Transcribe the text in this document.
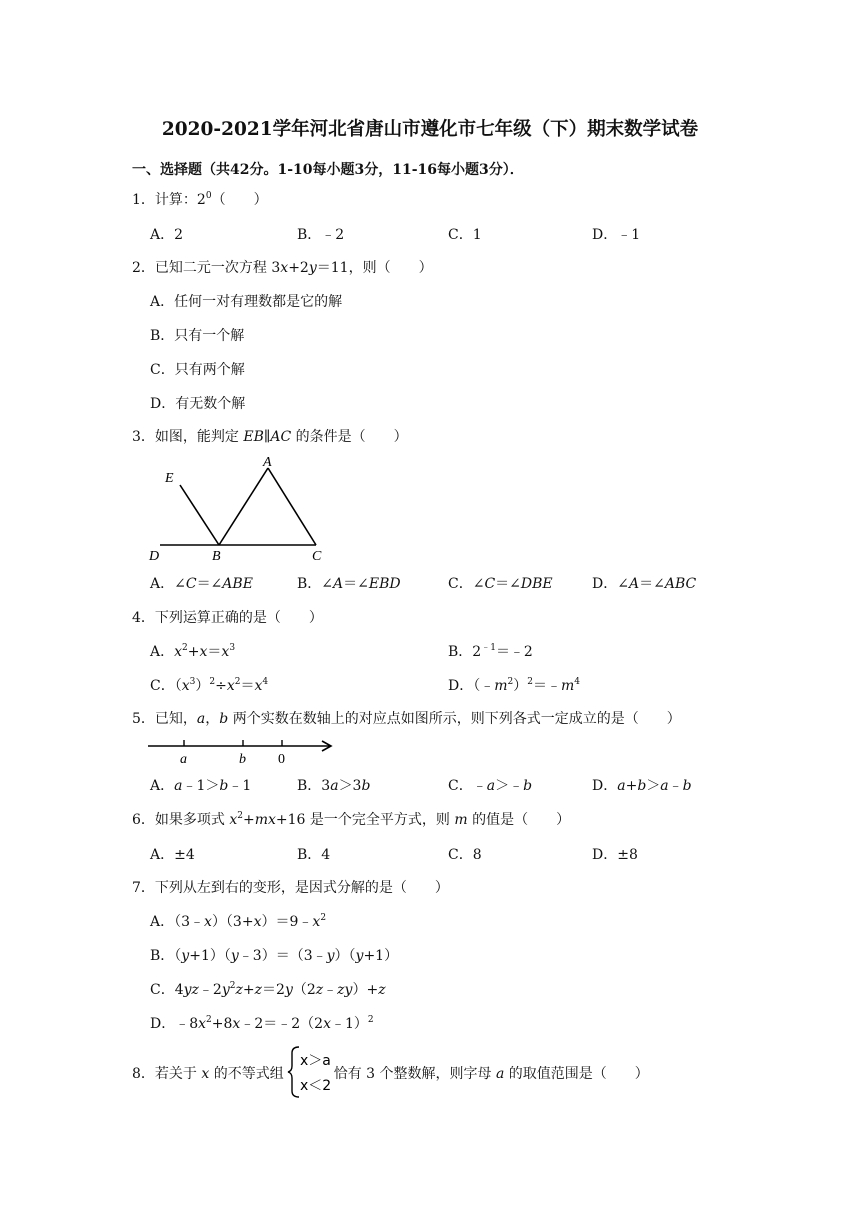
2020-2021学年河北省唐山市遵化市七年级（下）期末数学试卷
一、选择题（共42分。1-10每小题3分，11-16每小题3分）．
1．计算：$2^0$（　　）
A．2	B．﹣2	C．1	D．﹣1
2．已知二元一次方程 3x+2y＝11，则（　　）
A．任何一对有理数都是它的解
B．只有一个解
C．只有两个解
D．有无数个解
3．如图，能判定 EB∥AC 的条件是（　　）
E
A
D	B	C
A．∠C＝∠ABE	B．∠A＝∠EBD	C．∠C＝∠DBE	D．∠A＝∠ABC
4．下列运算正确的是（　　）
A．$x^2+x=x^3$	B．$2^{﹣1}=﹣2$
C．$(x^3)^2\div x^2=x^4$	D．$(﹣m^2)^2=﹣m^4$
5．已知，a，b 两个实数在数轴上的对应点如图所示，则下列各式一定成立的是（　　）
a	b 0
A．a﹣1＞b﹣1	B．3a＞3b	C．﹣a＞﹣b	D．a+b＞a﹣b
6．如果多项式 $x^2+mx+16$ 是一个完全平方式，则 m 的值是（　　）
A．±4	B．4	C．8	D．±8
7．下列从左到右的变形，是因式分解的是（　　）
A．$(3﹣x)(3+x)=9﹣x^2$
B．（y+1）（y﹣3）＝（3﹣y）（y+1）
C．$4yz﹣2y^2z+z=2y(2z﹣zy)+z$
D．$﹣8x^2+8x﹣2=﹣2(2x﹣1)^2$
8．若关于 x 的不等式组	恰有 3 个整数解，则字母 a 的取值范围是（　　）
x＞a
x＜2
